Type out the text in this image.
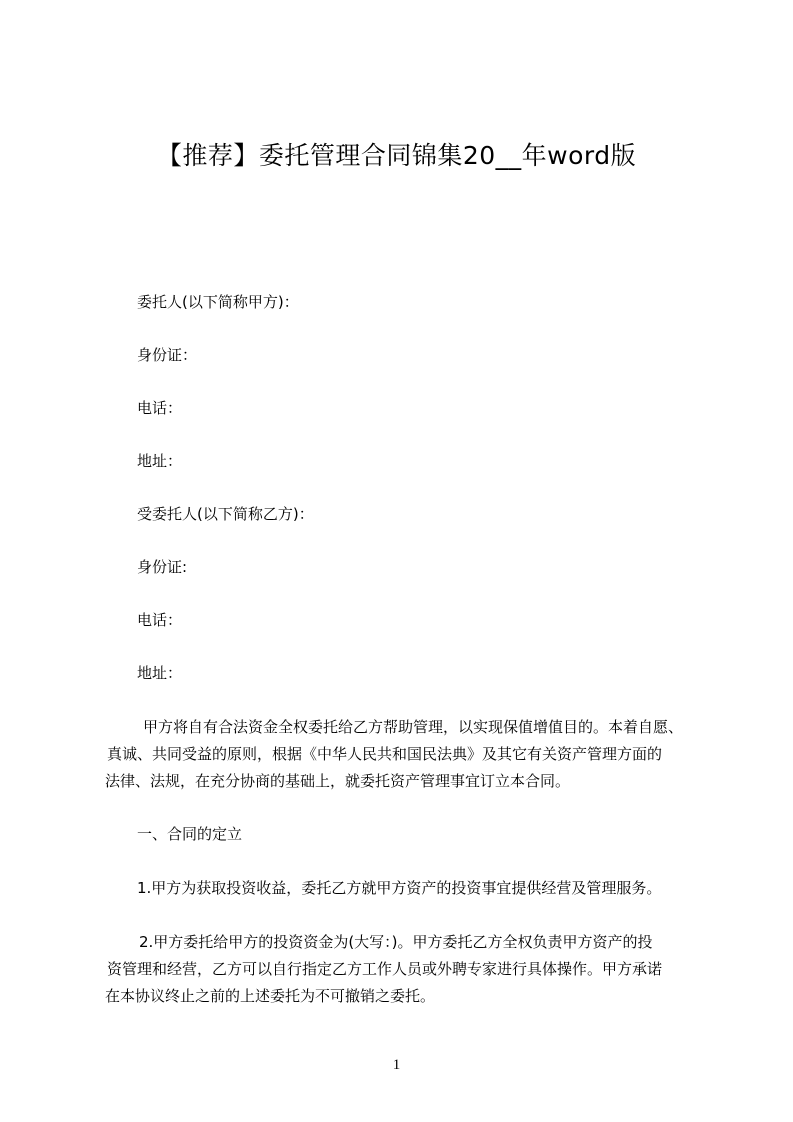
【推荐】委托管理合同锦集20__年word版
委托人(以下简称甲方)：
身份证：
电话：
地址：
受委托人(以下简称乙方)：
身份证:
电话：
地址：
甲方将自有合法资金全权委托给乙方帮助管理，以实现保值增值目的。本着自愿、
真诚、共同受益的原则，根据《中华人民共和国民法典》及其它有关资产管理方面的
法律、法规，在充分协商的基础上，就委托资产管理事宜订立本合同。
一、合同的定立
1.甲方为获取投资收益，委托乙方就甲方资产的投资事宜提供经营及管理服务。
2.甲方委托给甲方的投资资金为(大写：)。甲方委托乙方全权负责甲方资产的投
资管理和经营，乙方可以自行指定乙方工作人员或外聘专家进行具体操作。甲方承诺
在本协议终止之前的上述委托为不可撤销之委托。
1
